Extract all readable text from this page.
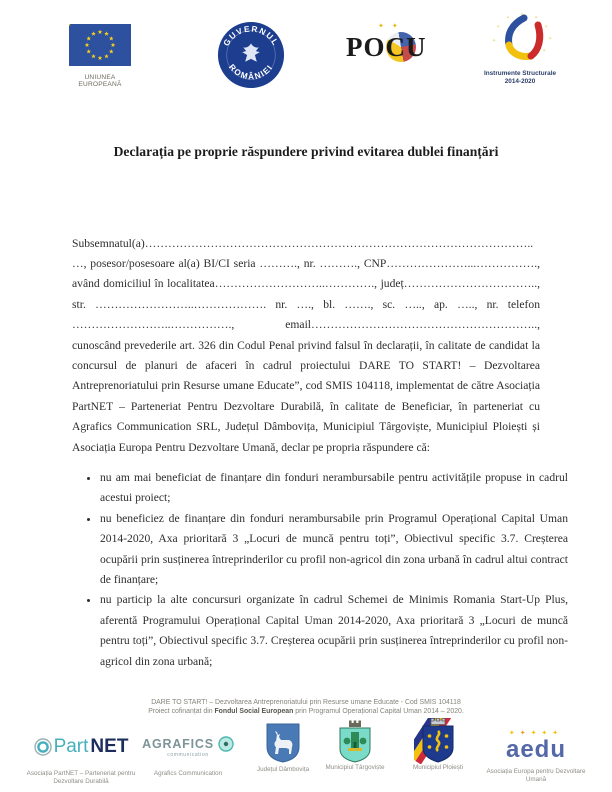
UNIUNEA EUROPEANĂ
GUVERNUL
ROMÂNIEI
✦✦
POCU
✦ ✦ ✦
✦
✦
✦
✦
✦
Instrumente Structurale
2014-2020
Declarația pe proprie răspundere privind evitarea dublei finanțări

Subsemnatul(a)………………………………………………………………………………………..…, posesor/posesoare al(a) BI/CI seria ………., nr. ………., CNP…………………...……………., având domiciliul în localitatea………………………..…………., județ…………………………….., str. ……………………..………………. nr. …., bl. ……., sc. ….., ap. ….., nr. telefon ……………………..……………., email………………………………………………….., cunoscând prevederile art. 326 din Codul Penal privind falsul în declarații, în calitate de candidat la concursul de planuri de afaceri în cadrul proiectului DARE TO START! – Dezvoltarea Antreprenoriatului prin Resurse umane Educate”, cod SMIS 104118, implementat de către Asociația PartNET – Parteneriat Pentru Dezvoltare Durabilă, în calitate de Beneficiar, în parteneriat cu Agrafics Communication SRL, Județul Dâmbovița, Municipiul Târgoviște, Municipiul Ploiești și Asociația Europa Pentru Dezvoltare Umană, declar pe propria răspundere că:

• nu am mai beneficiat de finanțare din fonduri nerambursabile pentru activitățile propuse in cadrul acestui proiect;
• nu beneficiez de finanțare din fonduri nerambursabile prin Programul Operațional Capital Uman 2014-2020, Axa prioritară 3 „Locuri de muncă pentru toți”, Obiectivul specific 3.7. Creșterea ocupării prin susținerea întreprinderilor cu profil non-agricol din zona urbană în cadrul altui contract de finanțare;
• nu particip la alte concursuri organizate în cadrul Schemei de Minimis Romania Start-Up Plus, aferentă Programului Operațional Capital Uman 2014-2020, Axa prioritară 3 „Locuri de muncă pentru toți”, Obiectivul specific 3.7. Creșterea ocupării prin susținerea întreprinderilor cu profil non-agricol din zona urbană;
DARE TO START! – Dezvoltarea Antreprenoriatului prin Resurse umane Educate - Cod SMIS 104118
Proiect cofinanțat din Fondul Social European prin Programul Operațional Capital Uman 2014 – 2020.
Part NET
Asociația PartNET – Parteneriat pentru Dezvoltare Durabilă
AGRAFICS
communication
Agrafics Communication
Județul Dâmbovița	Municipiul Târgoviște	Municipiul Ploiești
✦✦✦✦✦
aedu
Asociația Europa pentru Dezvoltare Umană
